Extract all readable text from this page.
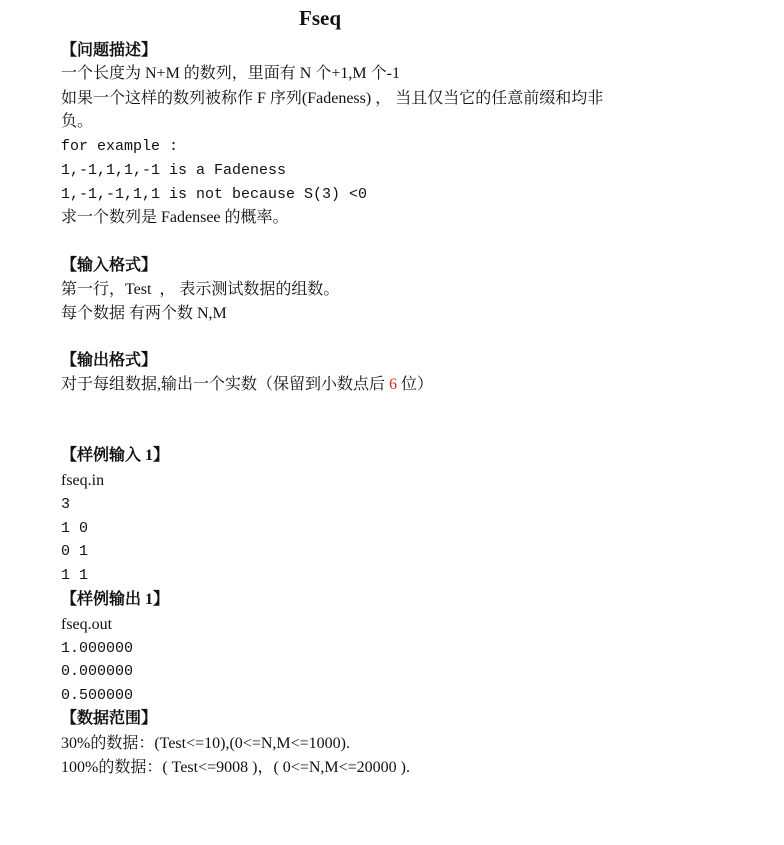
Fseq
【问题描述】
一个长度为 N+M 的数列，里面有 N 个+1,M 个-1
如果一个这样的数列被称作 F 序列(Fadeness) ， 当且仅当它的任意前缀和均非
负。
for example :
1,-1,1,1,-1 is a Fadeness
1,-1,-1,1,1 is not because S(3) <0
求一个数列是 Fadensee 的概率。
【输入格式】
第一行，Test  ， 表示测试数据的组数。
每个数据 有两个数 N,M
【输出格式】
对于每组数据,输出一个实数（保留到小数点后 6 位）
【样例输入 1】
fseq.in
3
1 0
0 1
1 1
【样例输出 1】
fseq.out
1.000000
0.000000
0.500000
【数据范围】
30%的数据：(Test<=10),(0<=N,M<=1000).
100%的数据：( Test<=9008 )，( 0<=N,M<=20000 ).
